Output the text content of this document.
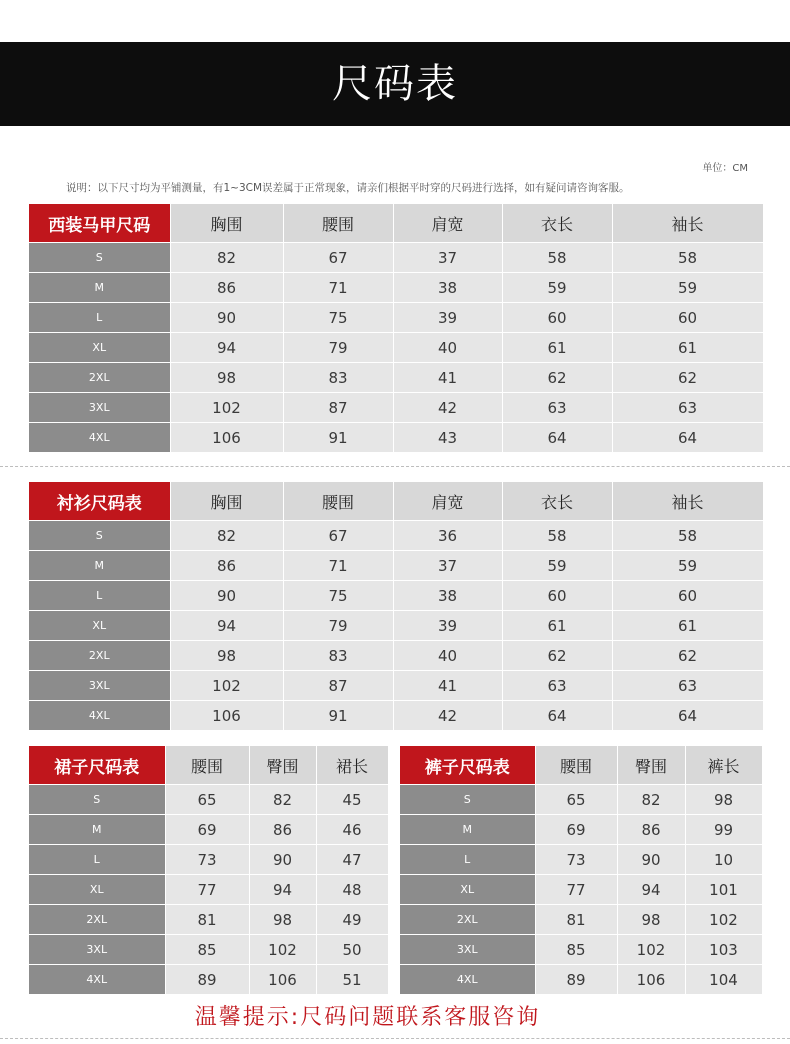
尺码表
单位：CM
说明：以下尺寸均为平铺测量，有1~3CM误差属于正常现象，请亲们根据平时穿的尺码进行选择，如有疑问请咨询客服。
西装马甲尺码	胸围	腰围	肩宽	衣长	袖长
S	82	67	37	58	58
M	86	71	38	59	59
L	90	75	39	60	60
XL	94	79	40	61	61
2XL	98	83	41	62	62
3XL	102	87	42	63	63
4XL	106	91	43	64	64
衬衫尺码表	胸围	腰围	肩宽	衣长	袖长
S	82	67	36	58	58
M	86	71	37	59	59
L	90	75	38	60	60
XL	94	79	39	61	61
2XL	98	83	40	62	62
3XL	102	87	41	63	63
4XL	106	91	42	64	64
裙子尺码表	腰围	臀围	裙长
S	65	82	45
M	69	86	46
L	73	90	47
XL	77	94	48
2XL	81	98	49
3XL	85	102	50
4XL	89	106	51
裤子尺码表	腰围	臀围	裤长
S	65	82	98
M	69	86	99
L	73	90	10
XL	77	94	101
2XL	81	98	102
3XL	85	102	103
4XL	89	106	104
温馨提示:尺码问题联系客服咨询
